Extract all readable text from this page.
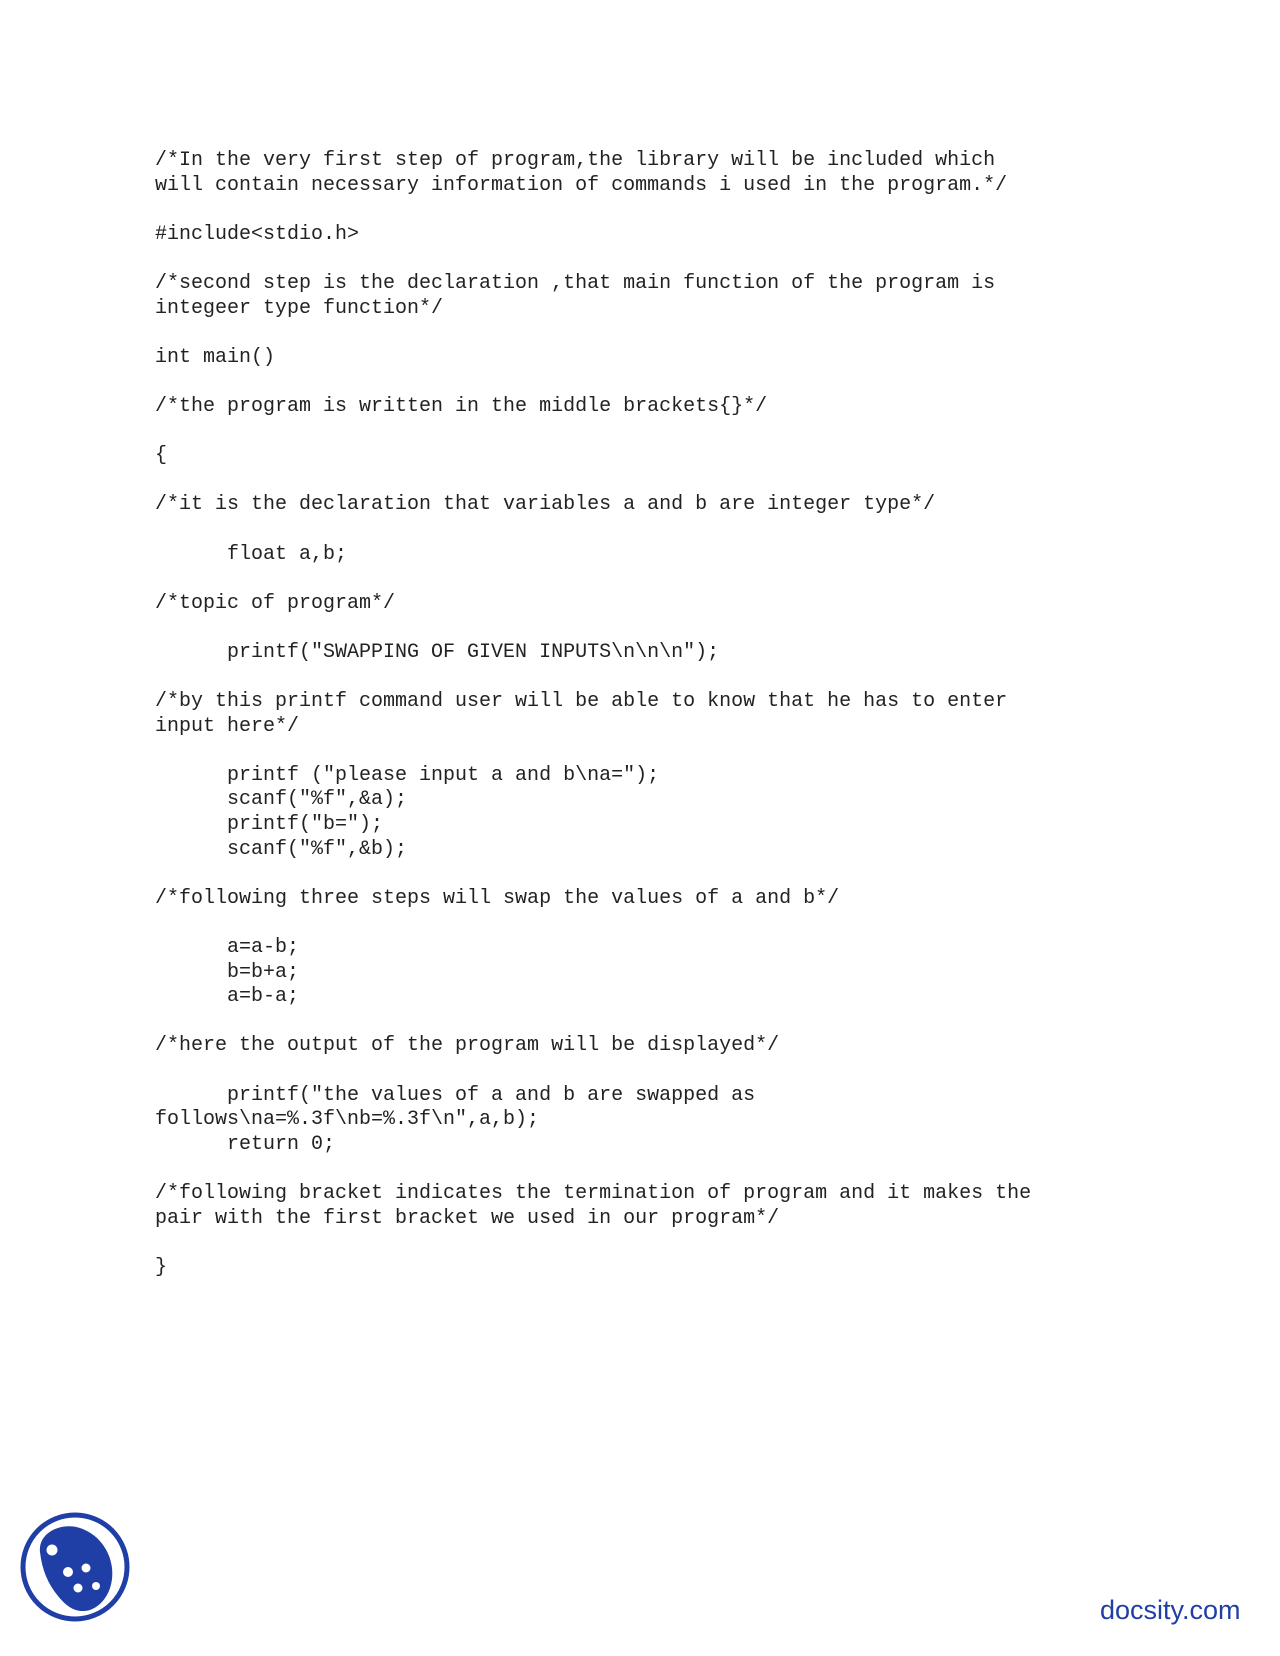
/*In the very first step of program,the library will be included which
will contain necessary information of commands i used in the program.*/
#include<stdio.h>
/*second step is the declaration ,that main function of the program is
integeer type function*/
int main()
/*the program is written in the middle brackets{}*/
{
/*it is the declaration that variables a and b are integer type*/
float a,b;
/*topic of program*/
printf("SWAPPING OF GIVEN INPUTS\n\n\n");
/*by this printf command user will be able to know that he has to enter
input here*/
printf ("please input a and b\na=");
scanf("%f",&a);
printf("b=");
scanf("%f",&b);
/*following three steps will swap the values of a and b*/
a=a-b;
b=b+a;
a=b-a;
/*here the output of the program will be displayed*/
printf("the values of a and b are swapped as
follows\na=%.3f\nb=%.3f\n",a,b);
return 0;
/*following bracket indicates the termination of program and it makes the
pair with the first bracket we used in our program*/
}
docsity.com
